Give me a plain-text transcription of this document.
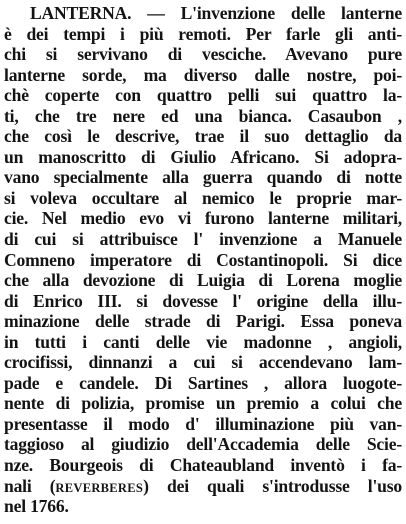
LANTERNA. — L'invenzione delle lanterne
è dei tempi i più remoti. Per farle gli anti-
chi si servivano di vesciche. Avevano pure
lanterne sorde, ma diverso dalle nostre, poi-
chè coperte con quattro pelli sui quattro la-
ti, che tre nere ed una bianca. Casaubon ,
che così le descrive, trae il suo dettaglio da
un manoscritto di Giulio Africano. Si adopra-
vano specialmente alla guerra quando di notte
si voleva occultare al nemico le proprie mar-
cie. Nel medio evo vi furono lanterne militari,
di cui si attribuisce l' invenzione a Manuele
Comneno imperatore di Costantinopoli. Si dice
che alla devozione di Luigia di Lorena moglie
di Enrico III. si dovesse l' origine della illu-
minazione delle strade di Parigi. Essa poneva
in tutti i canti delle vie madonne , angioli,
crocifissi, dinnanzi a cui si accendevano lam-
pade e candele. Di Sartines , allora luogote-
nente di polizia, promise un premio a colui che
presentasse il modo d' illuminazione più van-
taggioso al giudizio dell'Accademia delle Scie-
nze. Bourgeois di Chateaubland inventò i fa-
nali (REVERBERES) dei quali s'introdusse l'uso
nel 1766.
